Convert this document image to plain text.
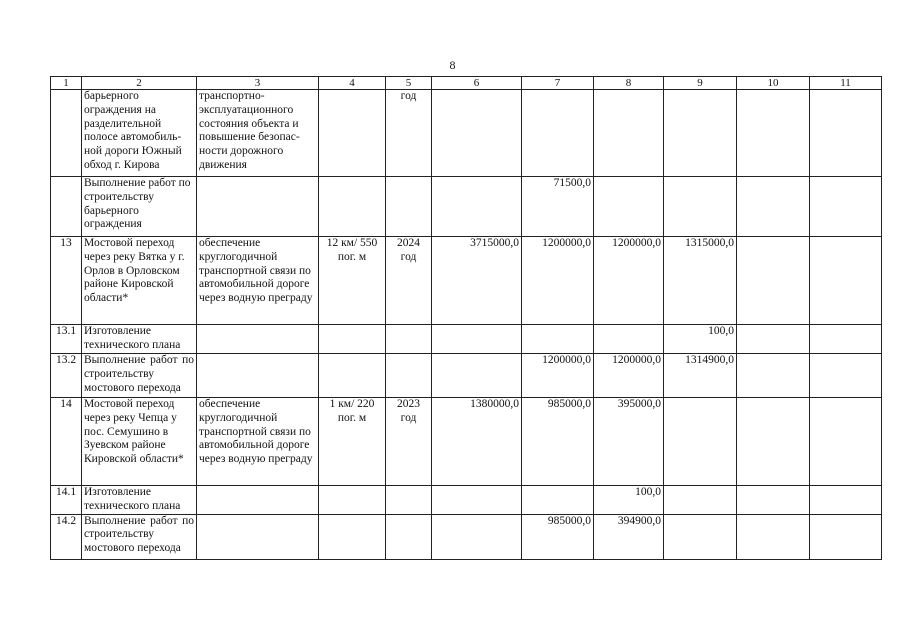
8
1	2	3	4	5	6	7	8	9	10	11
	барьерного ограждения на разделительной полосе автомобиль-ной дороги Южный обход г. Кирова	транспортно-эксплуатационного состояния объекта и повышение безопас-ности дорожного движения		год						
	Выполнение работ по строительству барьерного ограждения					71500,0				
13	Мостовой переход через реку Вятка у г. Орлов в Орловском районе Кировской области*	обеспечение круглогодичной транспортной связи по автомобильной дороге через водную преграду	12 км/ 550 пог. м	2024 год	3715000,0	1200000,0	1200000,0	1315000,0		
13.1	Изготовление технического плана							100,0		
13.2	Выполнение работ по строительству мостового перехода					1200000,0	1200000,0	1314900,0		
14	Мостовой переход через реку Чепца у пос. Семушино в Зуевском районе Кировской области*	обеспечение круглогодичной транспортной связи по автомобильной дороге через водную преграду	1 км/ 220 пог. м	2023 год	1380000,0	985000,0	395000,0			
14.1	Изготовление технического плана						100,0			
14.2	Выполнение работ по строительству мостового перехода					985000,0	394900,0			
